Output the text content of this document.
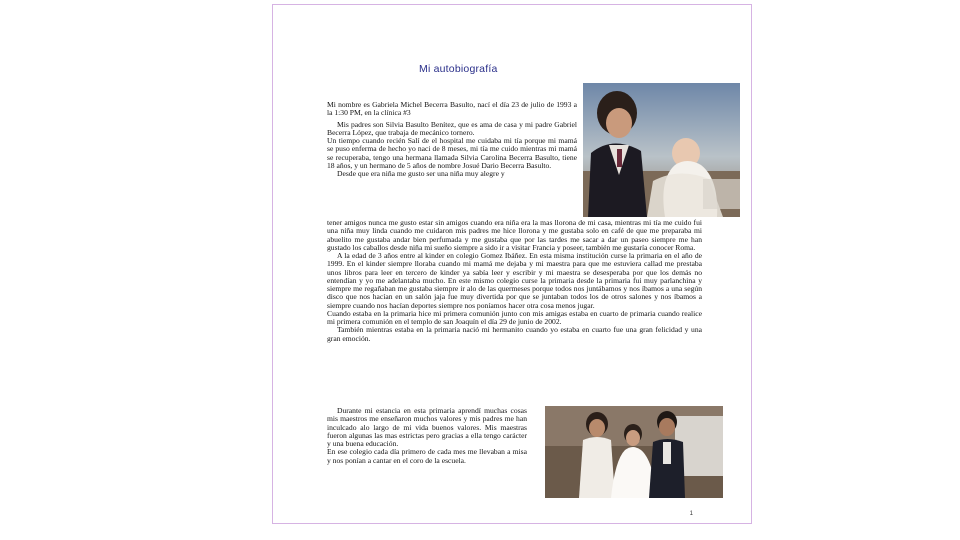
Mi autobiografía

Mi nombre es Gabriela Michel Becerra Basulto, nací el día 23 de julio de 1993 a la 1:30 PM, en la clínica #3

Mis padres son Silvia Basulto Benítez, que es ama de casa y mi padre Gabriel Becerra López, que trabaja de mecánico tornero.

Un tiempo cuando recién Salí de el hospital me cuidaba mi tía porque mi mamá se puso enferma de hecho yo naci de 8 meses, mi tía me cuido mientras mi mamá se recuperaba, tengo una hermana llamada Silvia Carolina Becerra Basulto, tiene 18 años, y un hermano de 5 años de nombre Josué Dario Becerra Basulto.

Desde que era niña me gusto ser una niña muy alegre y

tener amigos nunca me gusto estar sin amigos cuando era niña era la mas llorona de mi casa, mientras mi tía me cuido fui una niña muy linda cuando me cuidaron mis padres me hice llorona y me gustaba solo en café de que me preparaba mi abuelito me gustaba andar bien perfumada y me gustaba que por las tardes me sacar a dar un paseo siempre me han gustado los caballos desde niña mi sueño siempre a sido ir a visitar Francia y poseer, también me gustaría conocer Roma.

A la edad de 3 años entre al kinder en colegio Gomez Ibáñez. En esta misma institución curse la primaria en el año de 1999. En el kinder siempre lloraba cuando mi mamá me dejaba y mi maestra para que me estuviera callad me prestaba unos libros para leer en tercero de kinder ya sabía leer y escribir y mi maestra se desesperaba por que los demás no entendían y yo me adelantaba mucho. En este mismo colegio curse la primaria desde la primaria fui muy parlanchina y siempre me regañaban me gustaba siempre ir alo de las quermeses porque todos nos juntábamos y nos íbamos a una según disco que nos hacían en un salón jaja fue muy divertida por que se juntaban todos los de otros salones y nos íbamos a siempre cuando nos hacían deportes siempre nos poníamos hacer otra cosa menos jugar.

Cuando estaba en la primaria hice mi primera comunión junto con mis amigas estaba en cuarto de primaria cuando realice mi primera comunión en el templo de san Joaquín el día 29 de junio de 2002.

También mientras estaba en la primaria nació mi hermanito cuando yo estaba en cuarto fue una gran felicidad y una gran emoción.

Durante mi estancia en esta primaria aprendí muchas cosas mis maestros me enseñaron muchos valores y mis padres me han inculcado alo largo de mi vida buenos valores. Mis maestras fueron algunas las mas estrictas pero gracias a ella tengo carácter y una buena educación.

En ese colegio cada día primero de cada mes me llevaban a misa y nos ponían a cantar en el coro de la escuela.

1
